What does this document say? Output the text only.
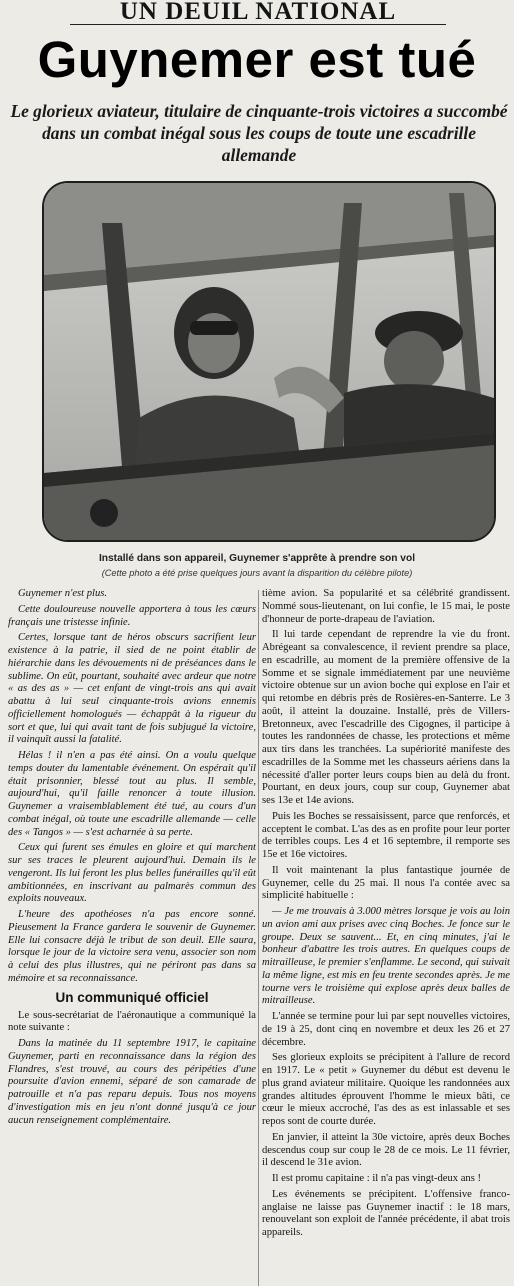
UN DEUIL NATIONAL
Guynemer est tué
Le glorieux aviateur, titulaire de cinquante-trois victoires a succombé dans un combat inégal sous les coups de toute une escadrille allemande
Installé dans son appareil, Guynemer s'apprête à prendre son vol
(Cette photo a été prise quelques jours avant la disparition du célèbre pilote)

Guynemer n'est plus.

Cette douloureuse nouvelle apportera à tous les cœurs français une tristesse infinie.

Certes, lorsque tant de héros obscurs sacrifient leur existence à la patrie, il sied de ne point établir de hiérarchie dans les dévouements ni de préséances dans le sublime. On eût, pourtant, souhaité avec ardeur que notre « as des as » — cet enfant de vingt-trois ans qui avait abattu à lui seul cinquante-trois avions ennemis officiellement homologués — échappât à la rigueur du sort et que, lui qui avait tant de fois subjugué la victoire, il vainquît aussi la fatalité.

Hélas ! il n'en a pas été ainsi. On a voulu quelque temps douter du lamentable événement. On espérait qu'il était prisonnier, blessé tout au plus. Il semble, aujourd'hui, qu'il faille renoncer à toute illusion. Guynemer a vraisemblablement été tué, au cours d'un combat inégal, où toute une escadrille allemande — celle des « Tangos » — s'est acharnée à sa perte.

Ceux qui furent ses émules en gloire et qui marchent sur ses traces le pleurent aujourd'hui. Demain ils le vengeront. Ils lui feront les plus belles funérailles qu'il eût ambitionnées, en inscrivant au palmarès commun des exploits nouveaux.

L'heure des apothéoses n'a pas encore sonné. Pieusement la France gardera le souvenir de Guynemer. Elle lui consacre déjà le tribut de son deuil. Elle saura, lorsque le jour de la victoire sera venu, associer son nom à celui des plus illustres, qui ne périront pas dans sa mémoire et sa reconnaissance.

Un communiqué officiel

Le sous-secrétariat de l'aéronautique a communiqué la note suivante :

Dans la matinée du 11 septembre 1917, le capitaine Guynemer, parti en reconnaissance dans la région des Flandres, s'est trouvé, au cours des péripéties d'une poursuite d'avion ennemi, séparé de son camarade de patrouille et n'a pas reparu depuis. Tous nos moyens d'investigation mis en jeu n'ont donné jusqu'à ce jour aucun renseignement complémentaire.

tième avion. Sa popularité et sa célébrité grandissent. Nommé sous-lieutenant, on lui confie, le 15 mai, le poste d'honneur de porte-drapeau de l'aviation.

Il lui tarde cependant de reprendre la vie du front. Abrégeant sa convalescence, il revient prendre sa place, en escadrille, au moment de la première offensive de la Somme et se signale immédiatement par une neuvième victoire obtenue sur un avion boche qui explose en l'air et qui retombe en débris près de Rosières-en-Santerre. Le 3 août, il atteint la douzaine. Installé, près de Villers-Bretonneux, avec l'escadrille des Cigognes, il participe à toutes les randonnées de chasse, les protections et même aux tirs dans les tranchées. La supériorité manifeste des escadrilles de la Somme met les chasseurs aériens dans la nécessité d'aller porter leurs coups bien au delà du front. Pourtant, en deux jours, coup sur coup, Guynemer abat ses 13e et 14e avions.

Puis les Boches se ressaisissent, parce que renforcés, et acceptent le combat. L'as des as en profite pour leur porter de terribles coups. Les 4 et 16 septembre, il remporte ses 15e et 16e victoires.

Il voit maintenant la plus fantastique journée de Guynemer, celle du 25 mai. Il nous l'a contée avec sa simplicité habituelle :

— Je me trouvais à 3.000 mètres lorsque je vois au loin un avion ami aux prises avec cinq Boches. Je fonce sur le groupe. Deux se sauvent... Et, en cinq minutes, j'ai le bonheur d'abattre les trois autres. En quelques coups de mitrailleuse, le premier s'enflamme. Le second, qui suivait la même ligne, est mis en feu trente secondes après. Je me tourne vers le troisième qui explose après deux balles de mitrailleuse.

L'année se termine pour lui par sept nouvelles victoires, de 19 à 25, dont cinq en novembre et deux les 26 et 27 décembre.

Ses glorieux exploits se précipitent à l'allure de record en 1917. Le « petit » Guynemer du début est devenu le plus grand aviateur militaire. Quoique les randonnées aux grandes altitudes éprouvent l'homme le mieux bâti, ce cœur le mieux accroché, l'as des as est inlassable et ses repos sont de courte durée.

En janvier, il atteint la 30e victoire, après deux Boches descendus coup sur coup le 28 de ce mois. Le 11 février, il descend le 31e avion.

Il est promu capitaine : il n'a pas vingt-deux ans !

Les événements se précipitent. L'offensive franco-anglaise ne laisse pas Guynemer inactif : le 18 mars, renouvelant son exploit de l'année précédente, il abat trois appareils.
